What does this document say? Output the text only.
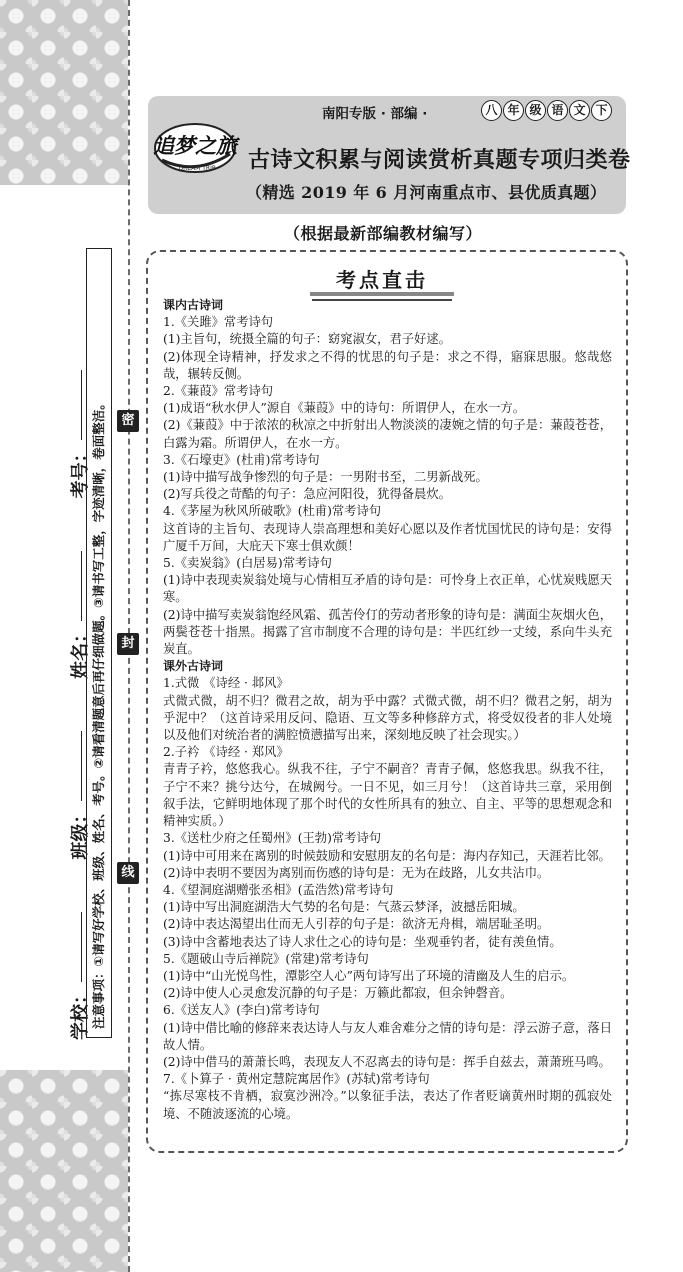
学校：  班级：  姓名：  考号： 注意事项：①请写好学校、班级、姓名、考号。②请看清题意后再仔细做题。③请书写工整，字迹清晰，卷面整洁。	密
封
线
追梦之旅
DREAM TRIP
南阳专版 · 部编 ·	八 年 级 语 文 下
古诗文积累与阅读赏析真题专项归类卷
（精选 2019 年 6 月河南重点市、县优质真题）
（根据最新部编教材编写）
考点直击

课内古诗词

1.《关雎》常考诗句

(1)主旨句，统摄全篇的句子：窈窕淑女，君子好逑。

(2)体现全诗精神，抒发求之不得的忧思的句子是：求之不得，寤寐思服。悠哉悠哉，辗转反侧。

2.《蒹葭》常考诗句

(1)成语“秋水伊人”源自《蒹葭》中的诗句：所谓伊人，在水一方。

(2)《蒹葭》中于浓浓的秋凉之中折射出人物淡淡的凄婉之情的句子是：蒹葭苍苍，白露为霜。所谓伊人，在水一方。

3.《石壕吏》(杜甫)常考诗句

(1)诗中描写战争惨烈的句子是：一男附书至，二男新战死。

(2)写兵役之苛酷的句子：急应河阳役，犹得备晨炊。

4.《茅屋为秋风所破歌》(杜甫)常考诗句

这首诗的主旨句、表现诗人崇高理想和美好心愿以及作者忧国忧民的诗句是：安得广厦千万间，大庇天下寒士俱欢颜！

5.《卖炭翁》(白居易)常考诗句

(1)诗中表现卖炭翁处境与心情相互矛盾的诗句是：可怜身上衣正单，心忧炭贱愿天寒。

(2)诗中描写卖炭翁饱经风霜、孤苦伶仃的劳动者形象的诗句是：满面尘灰烟火色，两鬓苍苍十指黑。揭露了宫市制度不合理的诗句是：半匹红纱一丈绫，系向牛头充炭直。

课外古诗词

1.式微 《诗经 · 邶风》

式微式微，胡不归？微君之故，胡为乎中露？式微式微，胡不归？微君之躬，胡为乎泥中？（这首诗采用反问、隐语、互文等多种修辞方式，将受奴役者的非人处境以及他们对统治者的满腔愤懑描写出来，深刻地反映了社会现实。）

2.子衿 《诗经 · 郑风》

青青子衿，悠悠我心。纵我不往，子宁不嗣音？青青子佩，悠悠我思。纵我不往，子宁不来？挑兮达兮，在城阙兮。一日不见，如三月兮！（这首诗共三章，采用倒叙手法，它鲜明地体现了那个时代的女性所具有的独立、自主、平等的思想观念和精神实质。）

3.《送杜少府之任蜀州》(王勃)常考诗句

(1)诗中可用来在离别的时候鼓励和安慰朋友的名句是：海内存知己，天涯若比邻。

(2)诗中表明不要因为离别而伤感的诗句是：无为在歧路，儿女共沾巾。

4.《望洞庭湖赠张丞相》(孟浩然)常考诗句

(1)诗中写出洞庭湖浩大气势的名句是：气蒸云梦泽，波撼岳阳城。

(2)诗中表达渴望出仕而无人引荐的句子是：欲济无舟楫，端居耻圣明。

(3)诗中含蓄地表达了诗人求仕之心的诗句是：坐观垂钓者，徒有羡鱼情。

5.《题破山寺后禅院》(常建)常考诗句

(1)诗中“山光悦鸟性，潭影空人心”两句诗写出了环境的清幽及人生的启示。

(2)诗中使人心灵愈发沉静的句子是：万籁此都寂，但余钟磬音。

6.《送友人》(李白)常考诗句

(1)诗中借比喻的修辞来表达诗人与友人难舍难分之情的诗句是：浮云游子意，落日故人情。

(2)诗中借马的萧萧长鸣，表现友人不忍离去的诗句是：挥手自兹去，萧萧班马鸣。

7.《卜算子 · 黄州定慧院寓居作》(苏轼)常考诗句

“拣尽寒枝不肯栖，寂寞沙洲冷。”以象征手法，表达了作者贬谪黄州时期的孤寂处境、不随波逐流的心境。
